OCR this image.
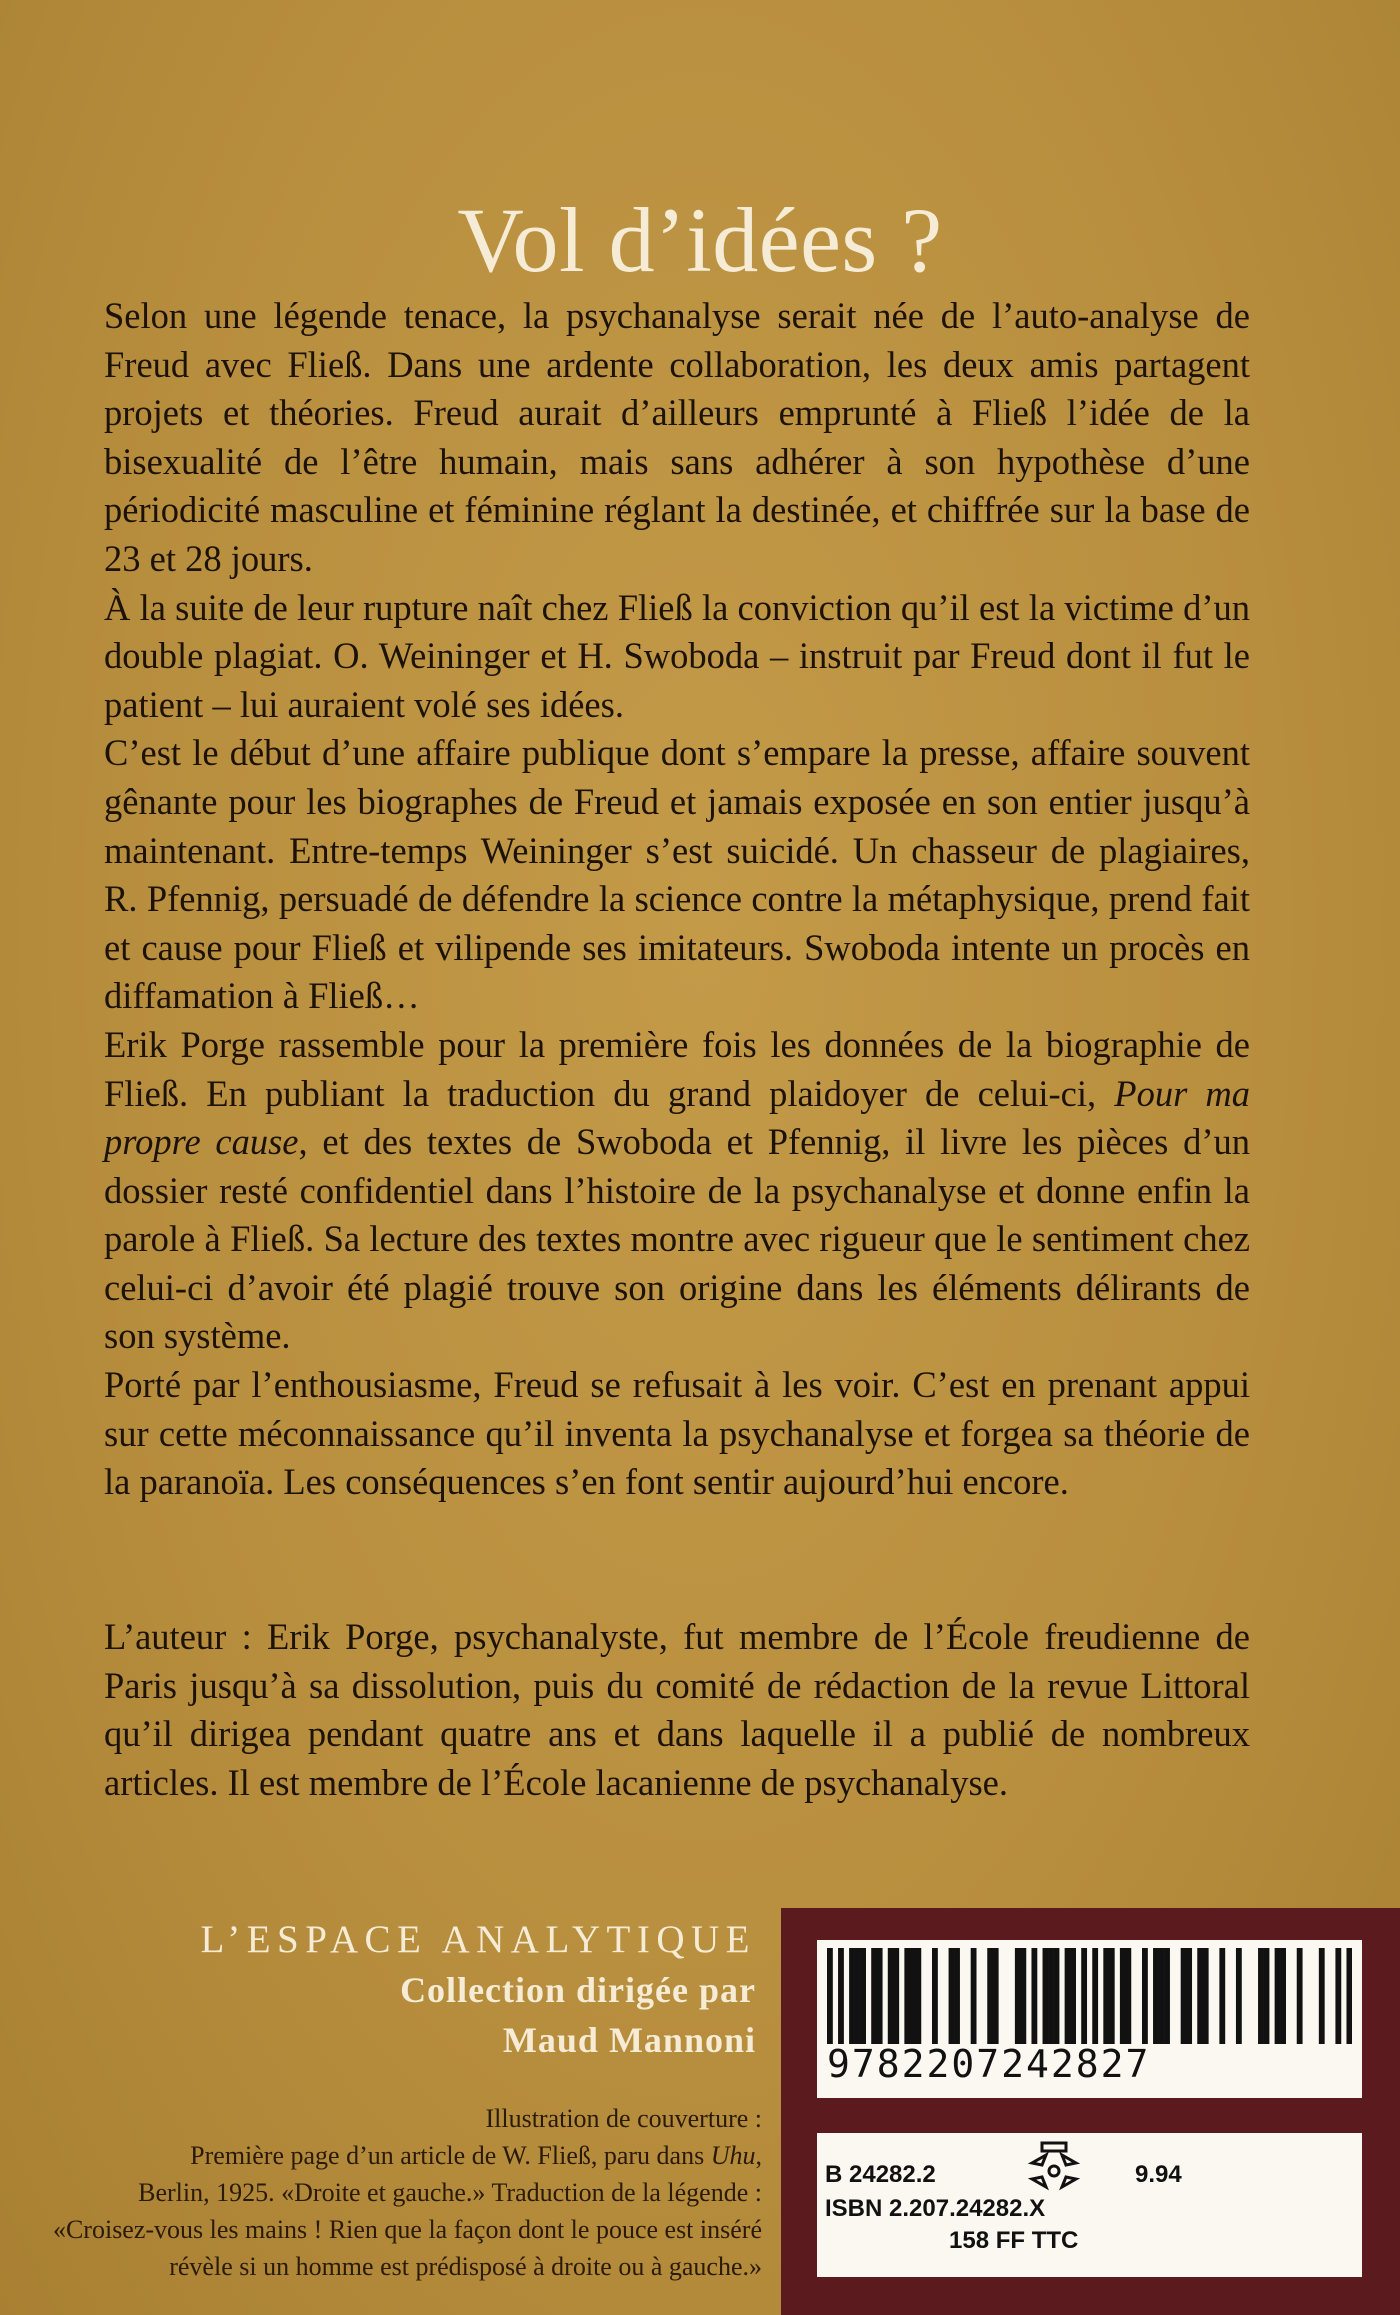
Vol d’idées ?

Selon une légende tenace, la psychanalyse serait née de l’auto-analyse de Freud avec Fließ. Dans une ardente collaboration, les deux amis partagent projets et théories. Freud aurait d’ailleurs emprunté à Fließ l’idée de la bisexualité de l’être humain, mais sans adhérer à son hypothèse d’une périodicité masculine et féminine réglant la destinée, et chiffrée sur la base de 23 et 28 jours.

À la suite de leur rupture naît chez Fließ la conviction qu’il est la victime d’un double plagiat. O. Weininger et H. Swoboda – instruit par Freud dont il fut le patient – lui auraient volé ses idées.

C’est le début d’une affaire publique dont s’empare la presse, affaire souvent gênante pour les biographes de Freud et jamais exposée en son entier jusqu’à maintenant. Entre-temps Weininger s’est suicidé. Un chasseur de plagiaires, R. Pfennig, persuadé de défendre la science contre la métaphysique, prend fait et cause pour Fließ et vilipende ses imitateurs. Swoboda intente un procès en diffamation à Fließ…

Erik Porge rassemble pour la première fois les données de la biographie de Fließ. En publiant la traduction du grand plaidoyer de celui-ci, Pour ma propre cause, et des textes de Swoboda et Pfennig, il livre les pièces d’un dossier resté confidentiel dans l’histoire de la psychanalyse et donne enfin la parole à Fließ. Sa lecture des textes montre avec rigueur que le sentiment chez celui-ci d’avoir été plagié trouve son origine dans les éléments délirants de son système.

Porté par l’enthousiasme, Freud se refusait à les voir. C’est en prenant appui sur cette méconnaissance qu’il inventa la psychanalyse et forgea sa théorie de la paranoïa. Les conséquences s’en font sentir aujourd’hui encore.

L’auteur : Erik Porge, psychanalyste, fut membre de l’École freudienne de Paris jusqu’à sa dissolution, puis du comité de rédaction de la revue Littoral qu’il dirigea pendant quatre ans et dans laquelle il a publié de nombreux articles. Il est membre de l’École lacanienne de psychanalyse.

L’ESPACE ANALYTIQUE
Collection dirigée par
Maud Mannoni
Illustration de couverture :
Première page d’un article de W. Fließ, paru dans Uhu,
Berlin, 1925. «Droite et gauche.» Traduction de la légende :
«Croisez-vous les mains ! Rien que la façon dont le pouce est inséré
révèle si un homme est prédisposé à droite ou à gauche.»
9782207242827
B 24282.2	9.94
ISBN 2.207.24282.X
158 FF TTC
